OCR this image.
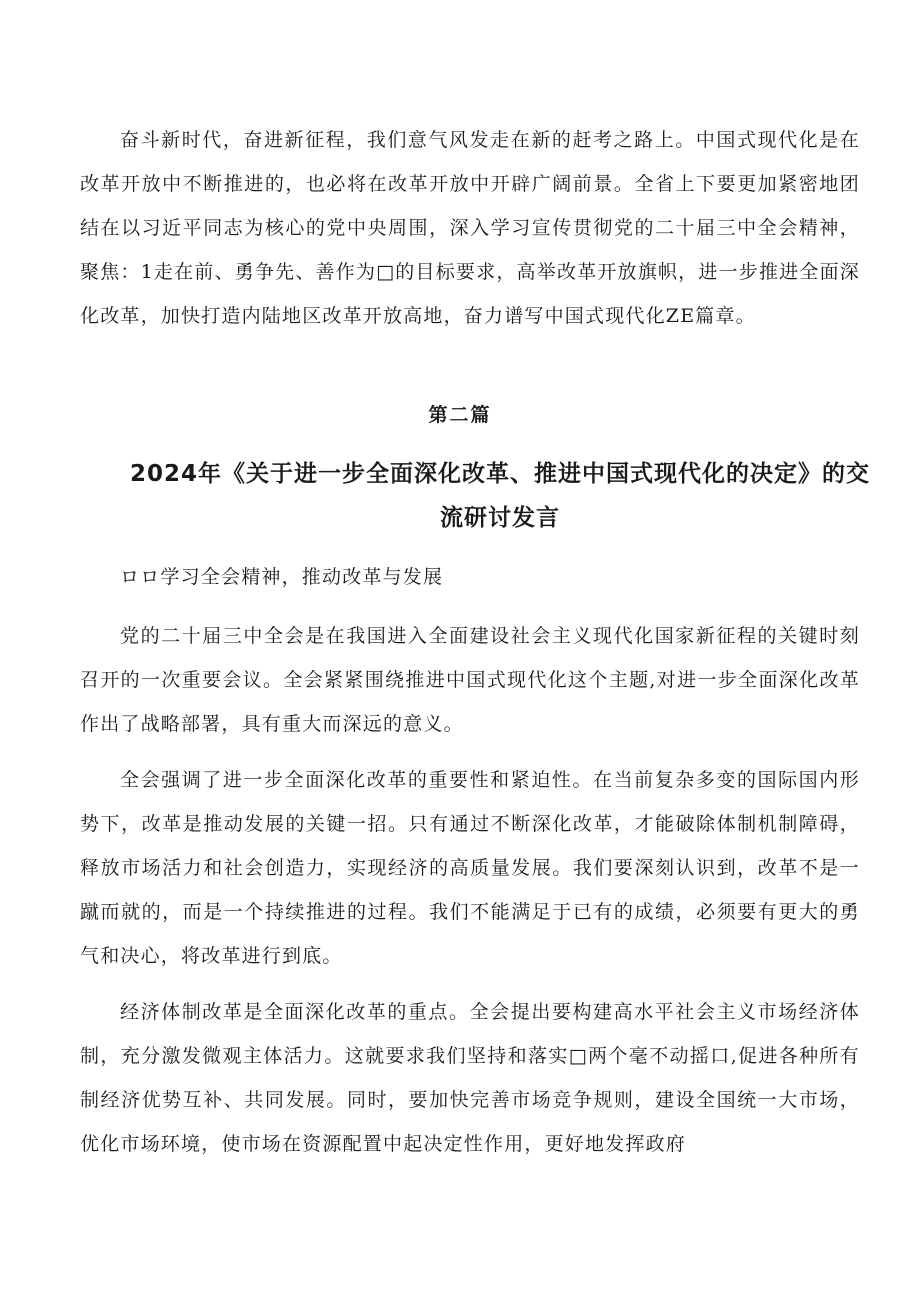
奋斗新时代，奋进新征程，我们意气风发走在新的赶考之路上。中国式现代化是在改革开放中不断推进的，也必将在改革开放中开辟广阔前景。全省上下要更加紧密地团结在以习近平同志为核心的党中央周围，深入学习宣传贯彻党的二十届三中全会精神，聚焦：1走在前、勇争先、善作为□的目标要求，高举改革开放旗帜，进一步推进全面深化改革，加快打造内陆地区改革开放高地，奋力谱写中国式现代化ZE篇章。

第二篇
2024年《关于进一步全面深化改革、推进中国式现代化的决定》的交流研讨发言

ロロ学习全会精神，推动改革与发展

党的二十届三中全会是在我国进入全面建设社会主义现代化国家新征程的关键时刻召开的一次重要会议。全会紧紧围绕推进中国式现代化这个主题,对进一步全面深化改革作出了战略部署，具有重大而深远的意义。

全会强调了进一步全面深化改革的重要性和紧迫性。在当前复杂多变的国际国内形势下，改革是推动发展的关键一招。只有通过不断深化改革，才能破除体制机制障碍，释放市场活力和社会创造力，实现经济的高质量发展。我们要深刻认识到，改革不是一蹴而就的，而是一个持续推进的过程。我们不能满足于已有的成绩，必须要有更大的勇气和决心，将改革进行到底。

经济体制改革是全面深化改革的重点。全会提出要构建高水平社会主义市场经济体制，充分激发微观主体活力。这就要求我们坚持和落实□两个毫不动摇口,促进各种所有制经济优势互补、共同发展。同时，要加快完善市场竞争规则，建设全国统一大市场，优化市场环境，使市场在资源配置中起决定性作用，更好地发挥政府
